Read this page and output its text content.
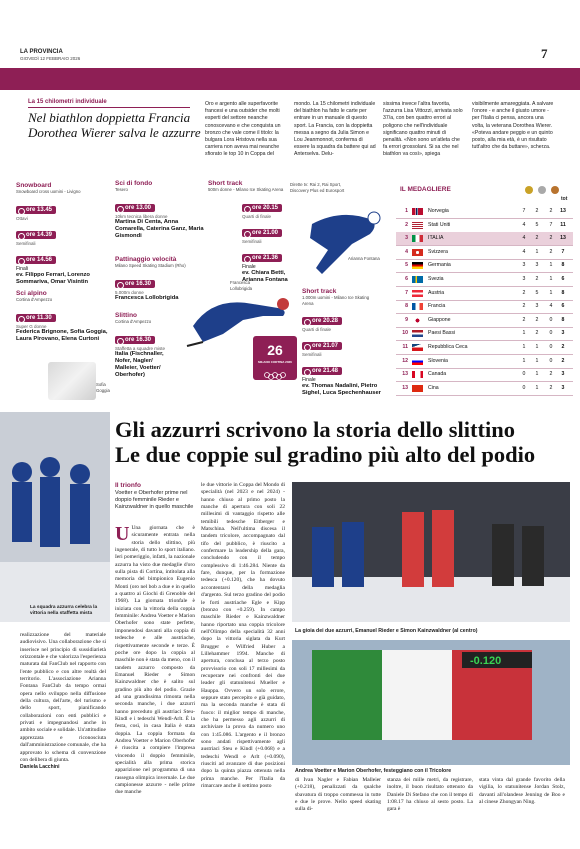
LA PROVINCIA
GIOVEDÌ 12 FEBBRAIO 2026	7
La 15 chilometri individuale
Nel biathlon doppietta Francia Dorothea Wierer salva le azzurre
Oro e argento alle superfavorite francesi e una outsider che molti esperti del settore neanche conoscevano e che conquista un bronzo che vale come il titolo: la bulgara Lora Hristova nella sua carriera non aveva mai neanche sfiorato le top 10 in Coppa del
mondo. La 15 chilometri individuale del biathlon ha fatto le carte per entrare in un manuale di questo sport. La Francia, con la doppietta messa a segno da Julia Simon e Lou Jeanmonnot, conferma di essere la squadra da battere qui ad Anterselva. Delu-
sissima invece l'altra favorita, l'azzurra Lisa Vittozzi, arrivata solo 37/a, con ben quattro errori al poligono che nell'individuale significano quattro minuti di penalità. «Non sono un'atleta che fa errori grossolani. Si sa che nel biathlon va così», spiega
visibilmente amareggiata. A salvare l'onore - e anche il giusto umore - per l'Italia ci pensa, ancora una volta, la veterana Dorothea Wierer. «Poteva andare peggio e un quinto posto, alla mia età, è un risultato tutt'altro che da buttare», scherza.
Snowboard
Snowboard cross uomini - Livigno
ore 13.45
Ottavi
ore 14.39
Semifinali
ore 14.56
Finali
ev. Filippo Ferrari, Lorenzo Sommariva, Omar Visintin
Sci alpino
Cortina d'Ampezzo
ore 11.30
Super G donne
Federica Brignone, Sofia Goggia, Laura Pirovano, Elena Curtoni
Sofia Goggia
Sci di fondo
Tesero
ore 13.00
10km tecnica libera donne
Martina Di Centa, Anna Comarella, Caterina Ganz, Maria Gismondi
Pattinaggio velocità
Milano Speed Skating Stadium (Rho)
ore 16.30
5.000m donne
Francesca Lollobrigida
Slittino
Cortina d'Ampezzo
ore 16.30
Staffetta a squadre miste
Italia (Fischnaller, Nofer, Nagler/ Malleier, Voetter/ Oberhofer)
Francesca Lollobrigida
26
MILANO CORTINA 2026
Short track
500m donne - Milano Ice Skating Arena
ore 20.15
Quarti di finale
ore 21.00
Semifinali
ore 21.36
Finale
ev. Chiara Betti, Arianna Fontana
Dirette tv: Rai 2, Rai Sport, Discovery Plus ed Eurosport
Arianna Fontana
Short track
1.000m uomini - Milano Ice Skating Arena
ore 20.28
Quarti di finale
ore 21.07
Semifinali
ore 21.48
Finale
ev. Thomas Nadalini, Pietro Sighel, Luca Spechenhauser
IL MEDAGLIERE
tot
1	Norvegia	7	2	2	13
2	Stati Uniti	4	5	7	11
3	ITALIA	4	2	2	13
4	Svizzera	4	1	2	7
5	Germania	3	3	1	8
6	Svezia	3	2	1	6
7	Austria	2	5	1	8
8	Francia	2	3	4	6
9	Giappone	2	2	0	8
10	Paesi Bassi	1	2	0	3
11	Repubblica Ceca	1	1	0	2
12	Slovenia	1	1	0	2
13	Canada	0	1	2	3
13	Cina	0	1	2	3
La squadra azzurra celebra la vittoria nella staffetta mista
Gli azzurri scrivono la storia dello slittino
Le due coppie sul gradino più alto del podio
Il trionfo
Voetter e Oberhofer prime nel doppio femminile Rieder e Kainzwaldner in quello maschile
realizzazione del materiale audiovisivo. Una collaborazione che si inserisce nel principio di sussidiarietà orizzontale e che valorizza l'esperienza maturata dal FanClub nel rapporto con l'ente pubblico e con altre realtà del territorio. L'associazione Arianna Fontana FanClub da tempo ormai opera nello sviluppo nella diffusione della cultura, dell'arte, del turismo e dello sport, pianificando collaborazioni con enti pubblici e privati e impegnandosi anche in ambito sociale e solidale. Un'attitudine apprezzata e riconosciuta dall'amministrazione comunale, che ha approvato lo schema di convenzione con delibera di giunta.
Daniela Lacchini
U Una giornata che è sicuramente entrata nella storia dello slittino, più ingenerale, di tutto lo sport italiano. Ieri pomeriggio, infatti, la nazionale azzurra ha visto due medaglie d'oro sulla pista di Cortina, intitolata alla memoria del bimpionico Eugenio Monti (oro nel bob a due e in quello a quattro ai Giochi di Grenoble del 1968). La giornata trionfale è iniziata con la vittoria della coppia femminile: Andrea Voetter e Marion Oberhofer sono state perfette, imponendosi davanti alla coppia di tedesche e alle austriache, rispettivamente seconde e terze. È poche ore dopo la coppia al maschile non è stata da meno, con il tandem azzurro composto da Emanuel Rieder e Simon Kainzwaldner che è salito sul gradino più alto del podio. Grazie ad una grandissima rimonta nella seconda manche, i due azzurri hanno preceduto gli austriaci Steu-Kindl e i tedeschi Wendl-Arlt. È la festa, così, in casa Italia è stata doppia. La coppia formata da Andrea Voetter e Marion Oberhofer è riuscita a compiere l'impresa vincendo il doppio femminile, specialità alla prima storica apparizione nel programma di una rassegna olimpica invernale. Le due campionesse azzurre - nelle prime due manche
le due vittorie in Coppa del Mondo di specialità (nel 2023 e nel 2024) - hanno chiuso al primo posto la manche di apertura con soli 22 millesimi di vantaggio rispetto alle temibili tedesche Eitberger e Matschina. Nell'ultima discesa il tandem tricolore, accompagnato dal tifo del pubblico, è riuscito a confermare la leadership della gara, concludendo con il tempo complessivo di 1:46.284. Niente da fare, dunque, per la formazione tedesca (+0.120), che ha dovuto accontentarsi della medaglia d'argento. Sul terzo gradino del podio le forti austriache Egle e Kipp (bronzo con +0.259). In campo maschile Rieder e Kainzwaldner hanno riportato una coppia tricolore nell'Olimpo della specialità 32 anni dopo la vittoria siglata da Kurt Brugger e Wilfried Huber a Lillehammer 1994. Manche di apertura, conclusa al terzo posto provvisorio con soli 17 millesimi da recuperare nei confronti dei due leader gli statunitensi Mueller e Hauppa. Ovvero un solo errore, seppure stato percepito e già guidato, ma la seconda manche è stata di fuoco: il miglior tempo di manche, che ha permesso agli azzurri di archiviare la prova da numero uno con 1:45.086. L'argento e il bronzo sono andati rispettivamente agli austriaci Steu e Kindl (+0.068) e a tedeschi Wendl e Arlt (+0.090), riusciti ad avanzare di due posizioni dopo la quinta piazza ottenuta nella prima manche. Per l'Italia da rimarcare anche il settimo posto
La gioia dei due azzurri, Emanuel Rieder e Simon Kainzwaldner (al centro)
-0.120
Andrea Voetter e Marion Oberhofer, festeggiano con il Tricolore
di Ivan Nagler e Fabian Malleier (+0.218), penalizzati da qualche sbavatura di troppo commessa in tutte e due le prove. Nello speed skating sulla di-
stanza dei mille metri, da registrare, inoltre, il buon risultato ottenuto da Daniele Di Stefano che con il tempo di 1:08.17 ha chiuso al sesto posto. La gara è
stata vinta dal grande favorito della vigilia, lo statunitense Jordan Stolz, davanti all'olandese Jenning de Boo e al cinese Zhongyan Ning.
